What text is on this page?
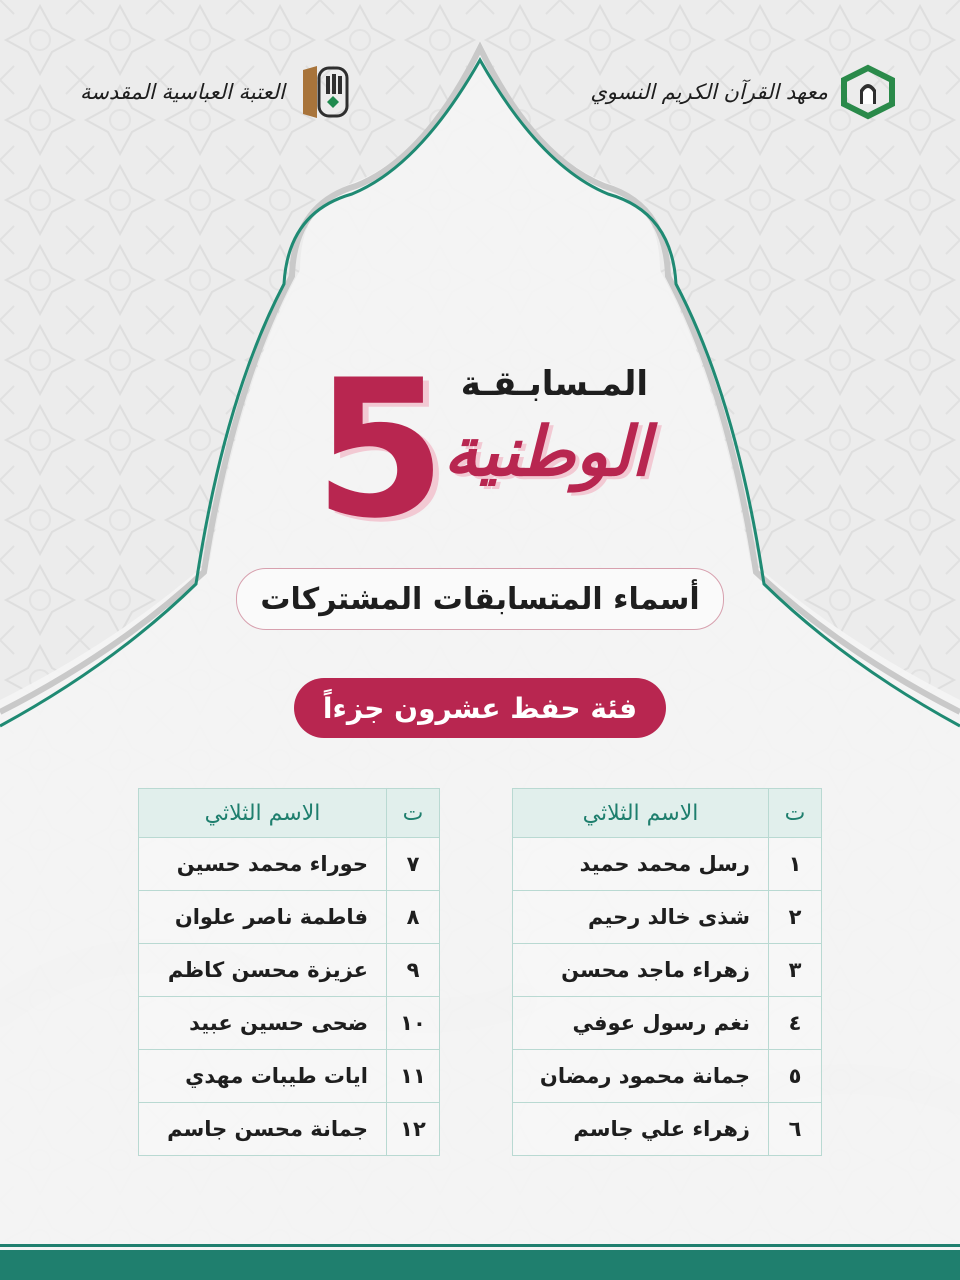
العتبة العباسية المقدسة	معهد القرآن الكريم النسوي
5 المـسابـقـة
الوطنية
أسماء المتسابقات المشتركات
فئة حفظ عشرون جزءاً
ت	الاسم الثلاثي
١	رسل محمد حميد
٢	شذى خالد رحيم
٣	زهراء ماجد محسن
٤	نغم رسول عوفي
٥	جمانة محمود رمضان
٦	زهراء علي جاسم
ت	الاسم الثلاثي
٧	حوراء محمد حسين
٨	فاطمة ناصر علوان
٩	عزيزة محسن كاظم
١٠	ضحى حسين عبيد
١١	ايات طيبات مهدي
١٢	جمانة محسن جاسم
